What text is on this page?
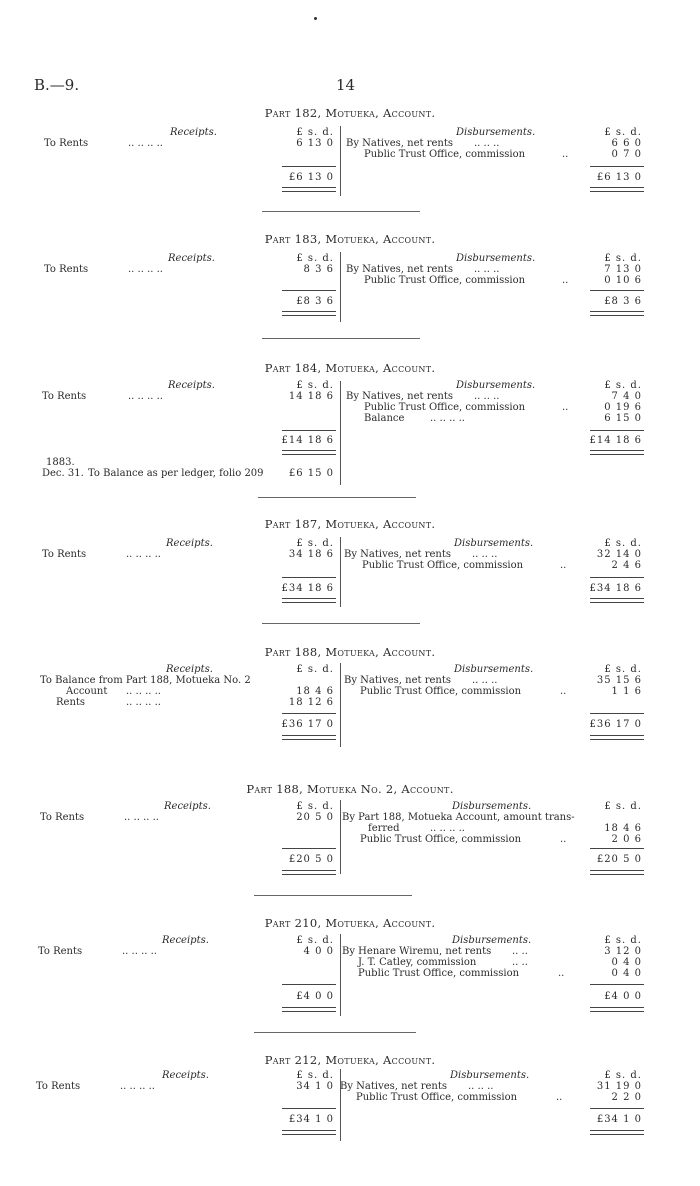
B.—9.	14
Part 182, Motueka, Account.
Receipts.	£ s. d.	Disbursements.	£ s. d.
To Rents	.. .. .. ..	6 13 0 By Natives, net rents .. .. ..	6 6 0
Public Trust Office, commission	..	0 7 0
£6 13 0	£6 13 0
Part 183, Motueka, Account.
Receipts.	£ s. d.	Disbursements.	£ s. d.
To Rents	.. .. .. ..	8 3 6 By Natives, net rents .. .. ..	7 13 0
Public Trust Office, commission	..	0 10 6
£8 3 6	£8 3 6
Part 184, Motueka, Account.
Receipts.	£ s. d.	Disbursements.	£ s. d.
To Rents	.. .. .. ..	14 18 6 By Natives, net rents .. .. ..	7 4 0
Public Trust Office, commission	..	0 19 6
Balance	.. .. .. ..	6 15 0
£14 18 6	£14 18 6
1883.
Dec. 31. To Balance as per ledger, folio 209	£6 15 0
Part 187, Motueka, Account.
Receipts.	£ s. d.	Disbursements.	£ s. d.
To Rents	.. .. .. ..	34 18 6 By Natives, net rents .. .. ..	32 14 0
Public Trust Office, commission	..	2 4 6
£34 18 6	£34 18 6
Part 188, Motueka, Account.
Receipts.	£ s. d.	Disbursements.	£ s. d.
To Balance from Part 188, Motueka No. 2
Account .. .. .. ..	18 4 6
Rents	.. .. .. ..	18 12 6
By Natives, net rents .. .. ..	35 15 6
Public Trust Office, commission	..	1 1 6
£36 17 0	£36 17 0
Part 188, Motueka No. 2, Account.
Receipts.	£ s. d.	Disbursements.	£ s. d.
To Rents	.. .. .. ..	20 5 0 By Part 188, Motueka Account, amount trans-
ferred	.. .. .. ..	18 4 6
Public Trust Office, commission	..	2 0 6
£20 5 0	£20 5 0
Part 210, Motueka, Account.
Receipts.	£ s. d.	Disbursements.	£ s. d.
To Rents	.. .. .. ..	4 0 0 By Henare Wiremu, net rents .. ..	3 12 0
J. T. Catley, commission	.. ..	0 4 0
Public Trust Office, commission	..	0 4 0
£4 0 0	£4 0 0
Part 212, Motueka, Account.
Receipts.	£ s. d.	Disbursements.	£ s. d.
To Rents	.. .. .. ..	34 1 0 By Natives, net rents .. .. ..	31 19 0
Public Trust Office, commission	..	2 2 0
£34 1 0	£34 1 0
